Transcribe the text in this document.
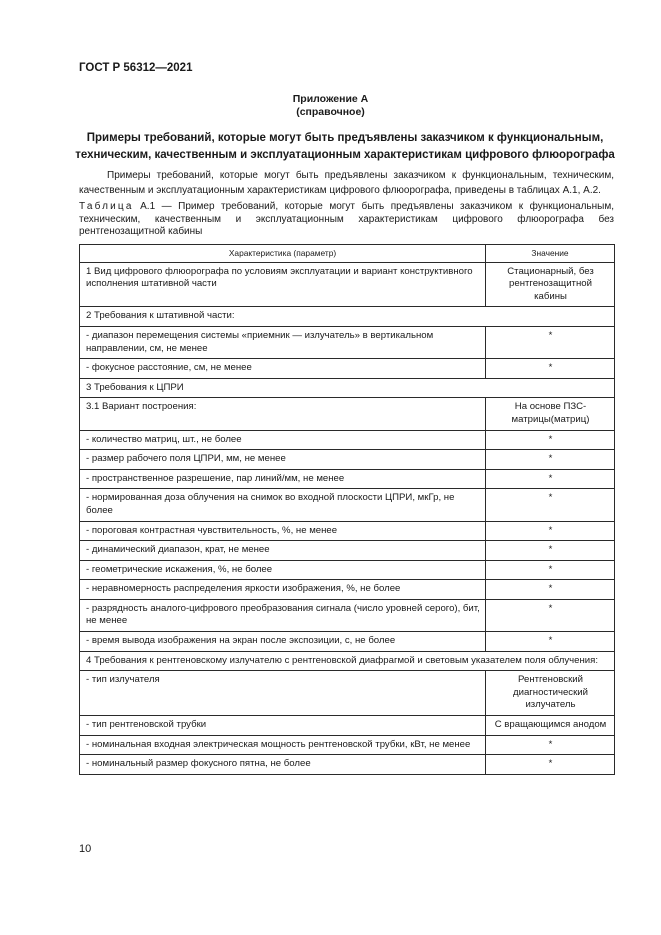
ГОСТ Р 56312—2021
Приложение А
(справочное)
Примеры требований, которые могут быть предъявлены заказчиком к функциональным,
техническим, качественным и эксплуатационным характеристикам цифрового флюорографа
Примеры требований, которые могут быть предъявлены заказчиком к функциональным, техническим, качественным и эксплуатационным характеристикам цифрового флюорографа, приведены в таблицах А.1, А.2.
Таблица А.1 — Пример требований, которые могут быть предъявлены заказчиком к функциональным, техническим, качественным и эксплуатационным характеристикам цифрового флюорографа без рентгенозащитной кабины
Характеристика (параметр)	Значение
1 Вид цифрового флюорографа по условиям эксплуатации и вариант конструктивного исполнения штативной части	Стационарный, без рентгенозащитной кабины
2 Требования к штативной части:	
- диапазон перемещения системы «приемник — излучатель» в вертикальном направлении, см, не менее	*
- фокусное расстояние, см, не менее	*
3 Требования к ЦПРИ	
3.1 Вариант построения:	На основе ПЗС-матрицы(матриц)
- количество матриц, шт., не более	*
- размер рабочего поля ЦПРИ, мм, не менее	*
- пространственное разрешение, пар линий/мм, не менее	*
- нормированная доза облучения на снимок во входной плоскости ЦПРИ, мкГр, не более	*
- пороговая контрастная чувствительность, %, не менее	*
- динамический диапазон, крат, не менее	*
- геометрические искажения, %, не более	*
- неравномерность распределения яркости изображения, %, не более	*
- разрядность аналого-цифрового преобразования сигнала (число уровней серого), бит, не менее	*
- время вывода изображения на экран после экспозиции, с, не более	*
4 Требования к рентгеновскому излучателю с рентгеновской диафрагмой и световым указателем поля облучения:	
- тип излучателя	Рентгеновский диагностический излучатель
- тип рентгеновской трубки	С вращающимся анодом
- номинальная входная электрическая мощность рентгеновской трубки, кВт, не менее	*
- номинальный размер фокусного пятна, не более	*
10
